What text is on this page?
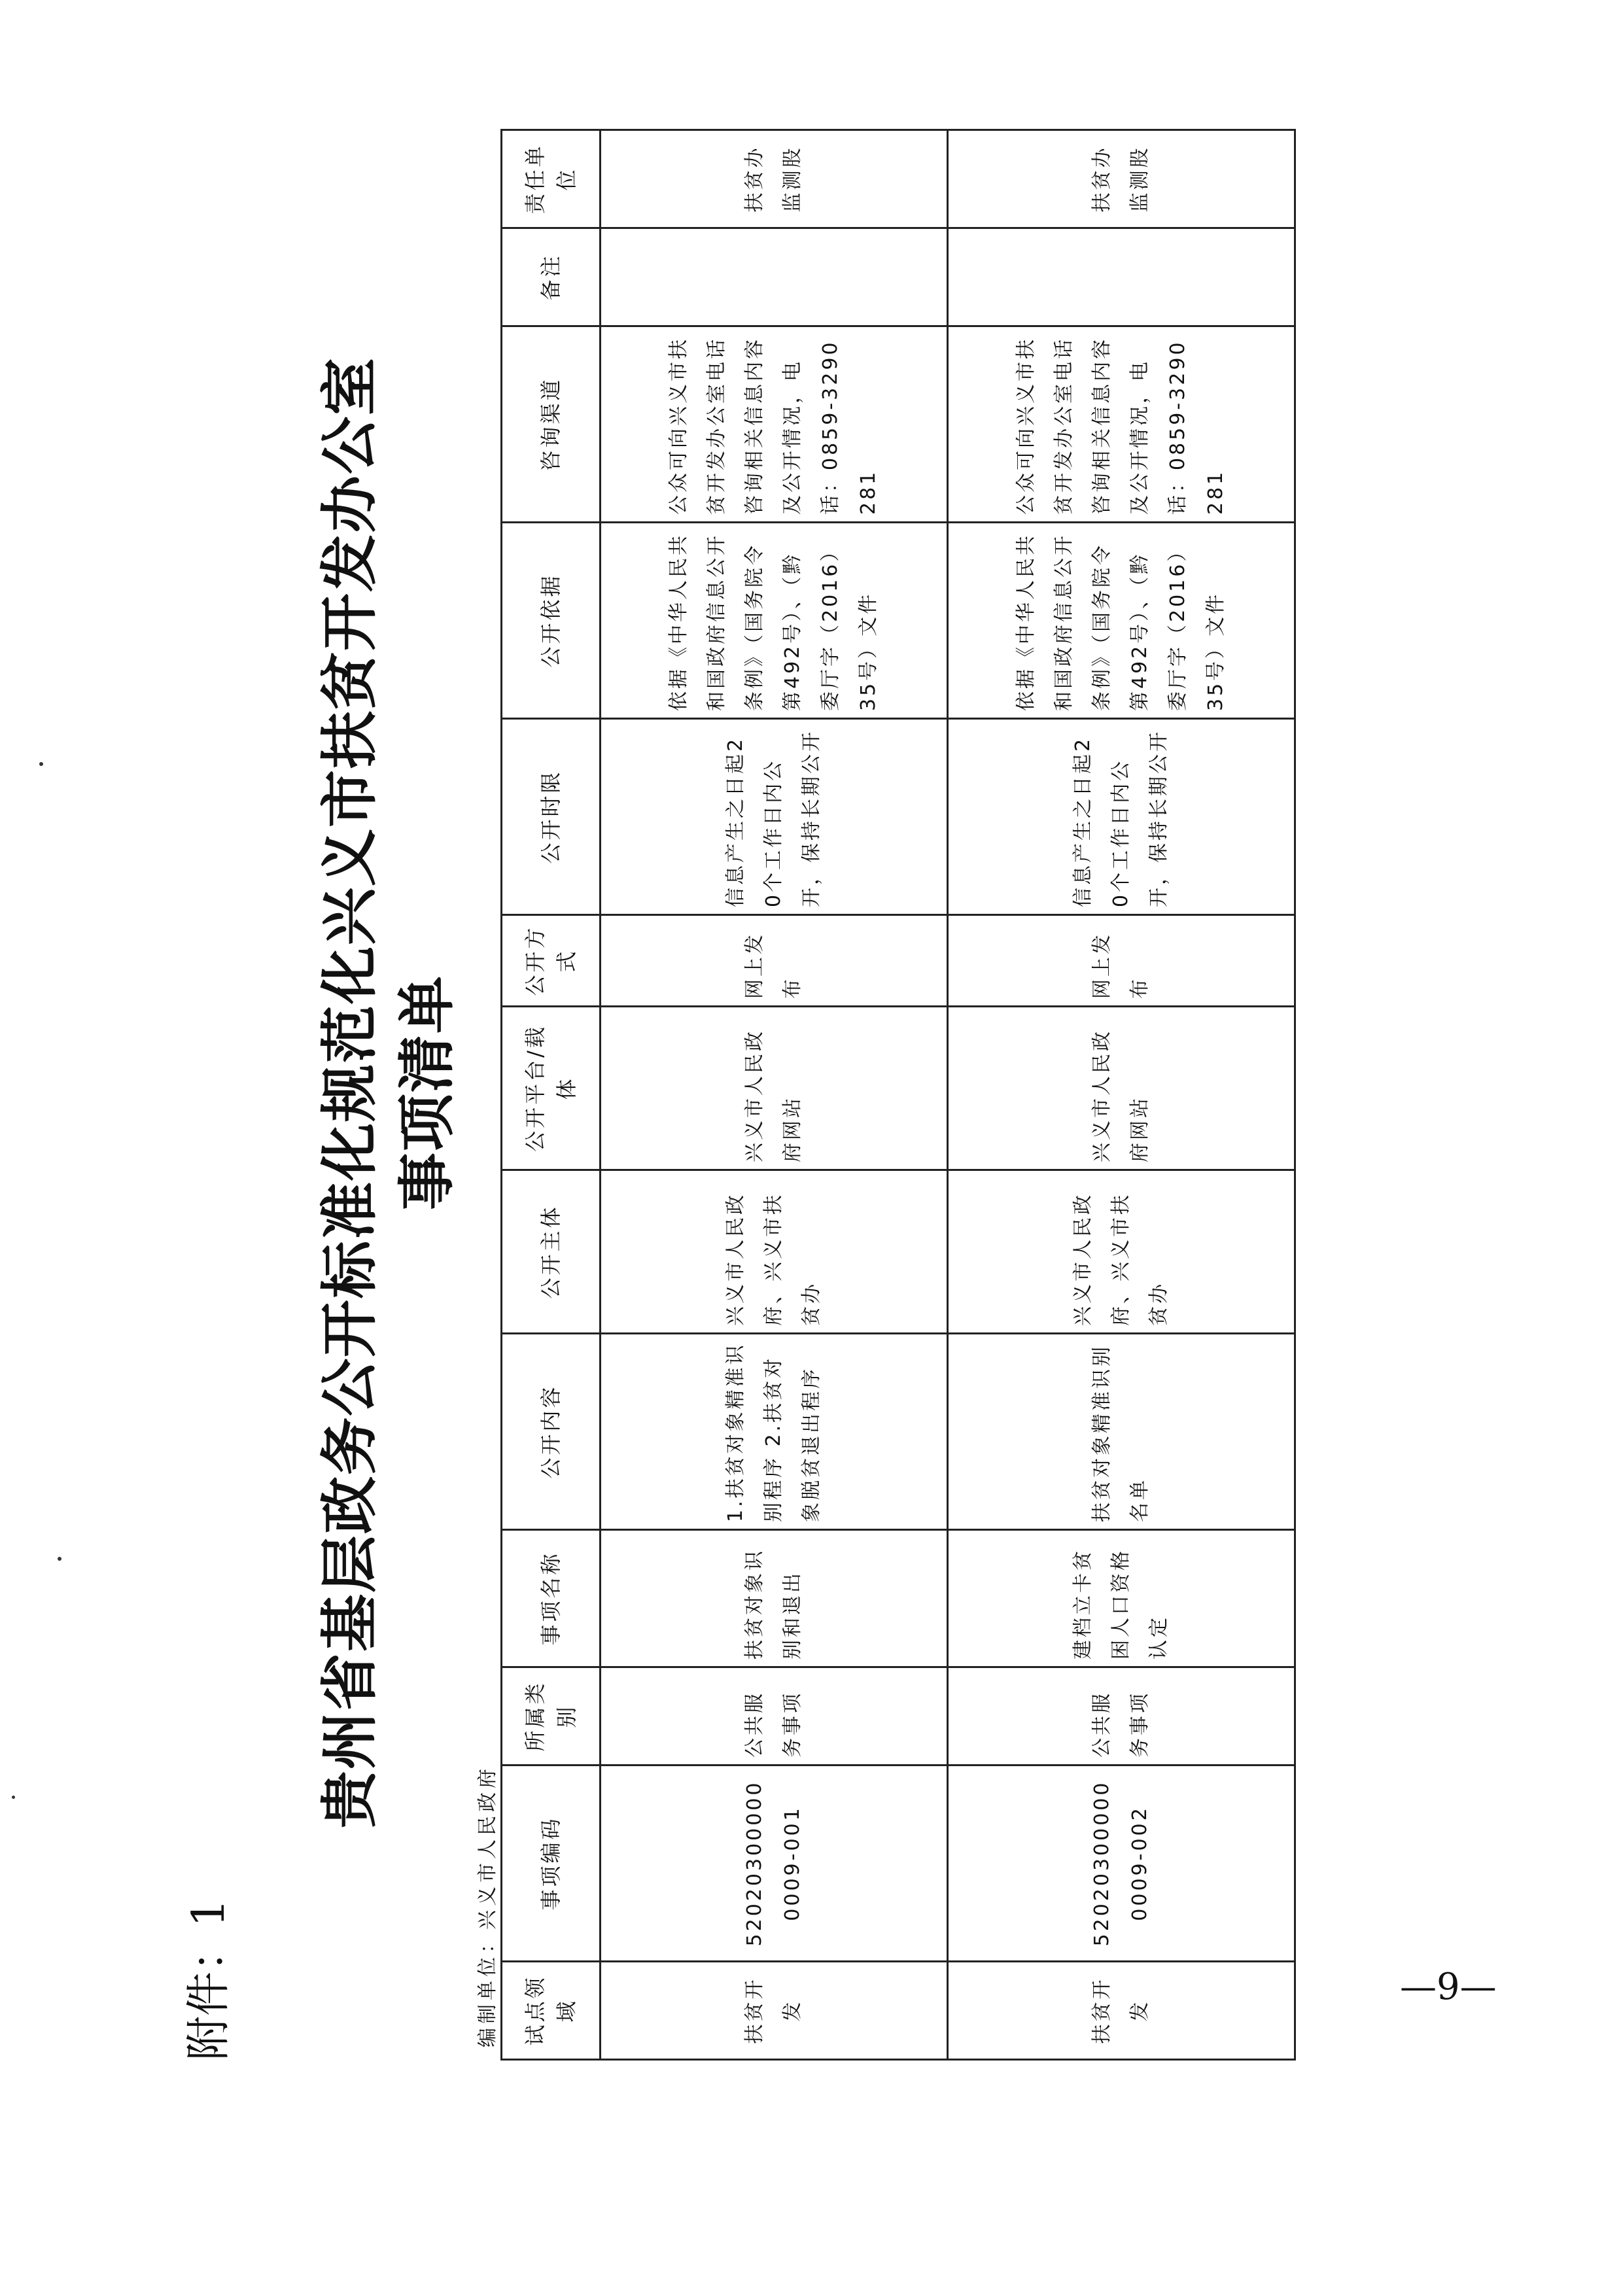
附件：1
贵州省基层政务公开标准化规范化兴义市扶贫开发办公室 事项清单
编制单位：兴义市人民政府 试点领域	事项编码	所属类别	事项名称	公开内容	公开主体	公开平台/载体	公开方式	公开时限	公开依据	咨询渠道	备注	责任单位
扶贫开发	520203000000009-001	公共服务事项	扶贫对象识别和退出	1.扶贫对象精准识别程序 2.扶贫对象脱贫退出程序	兴义市人民政府、兴义市扶贫办	兴义市人民政府网站	网上发布	信息产生之日起20个工作日内公开，保持长期公开	依据《中华人民共和国政府信息公开条例》（国务院令第492号）、（黔委厅字（2016）35号）文件	公众可向兴义市扶贫开发办公室电话咨询相关信息内容及公开情况，电话：0859-3290281		扶贫办监测股
扶贫开发	520203000000009-002	公共服务事项	建档立卡贫困人口资格认定	扶贫对象精准识别名单	兴义市人民政府、兴义市扶贫办	兴义市人民政府网站	网上发布	信息产生之日起20个工作日内公开，保持长期公开	依据《中华人民共和国政府信息公开条例》（国务院令第492号）、（黔委厅字（2016）35号）文件	公众可向兴义市扶贫开发办公室电话咨询相关信息内容及公开情况，电话：0859-3290281		扶贫办监测股
—9—
